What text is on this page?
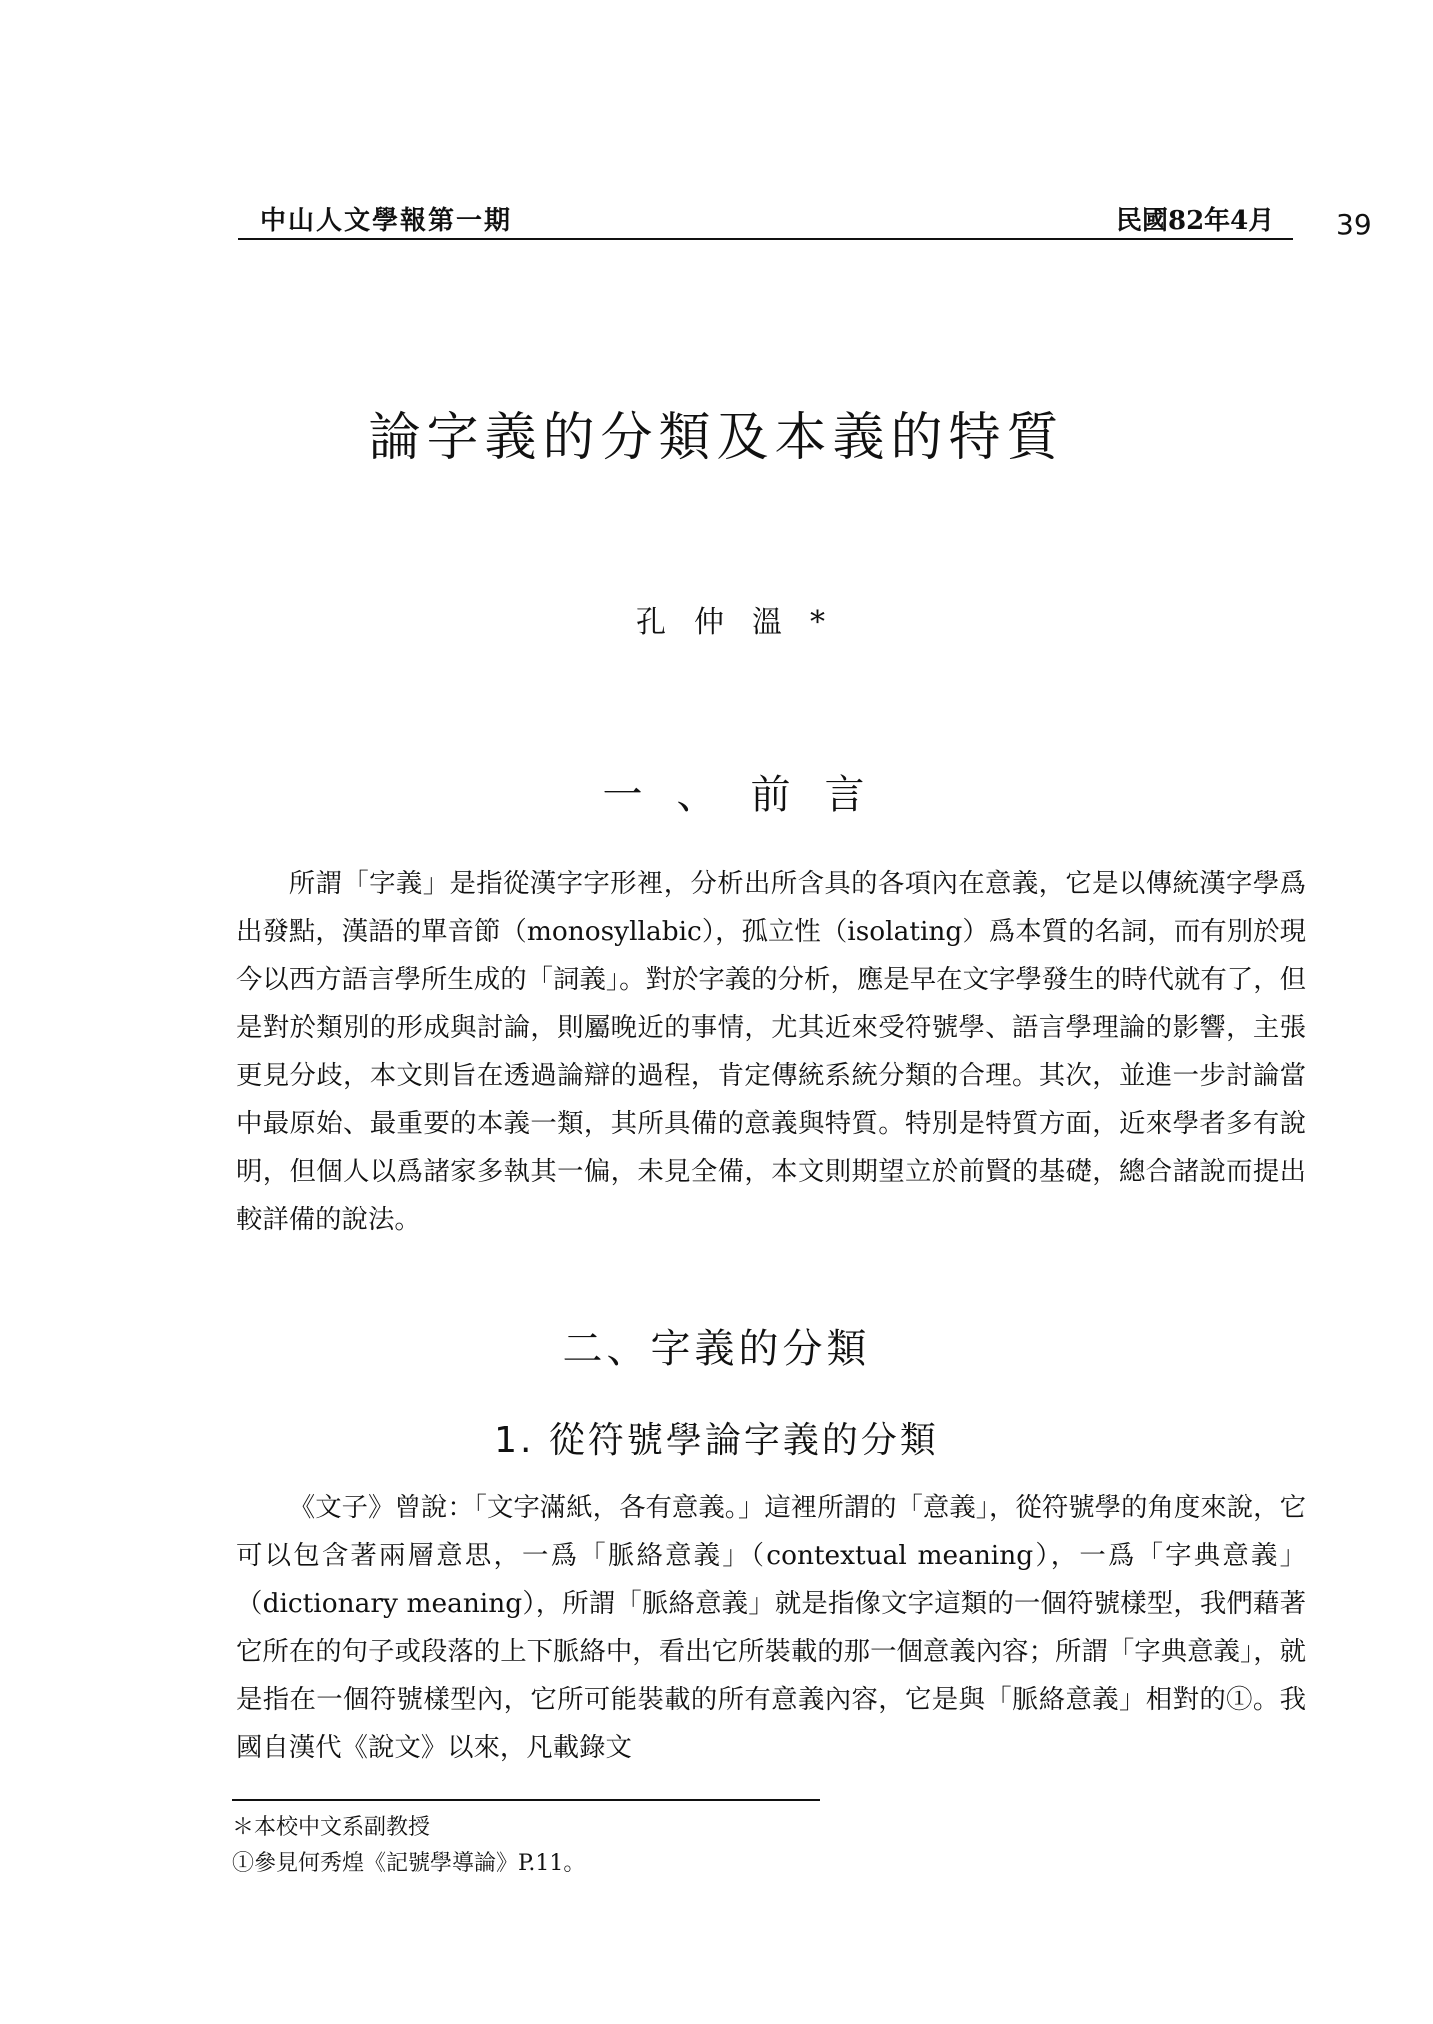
中山人文學報第一期	民國82年4月 39
論字義的分類及本義的特質
孔仲溫*
一、前言

所謂「字義」是指從漢字字形裡，分析出所含具的各項內在意義，它是以傳統漢字學爲出發點，漢語的單音節（monosyllabic），孤立性（isolating）爲本質的名詞，而有別於現今以西方語言學所生成的「詞義」。對於字義的分析，應是早在文字學發生的時代就有了，但是對於類別的形成與討論，則屬晚近的事情，尤其近來受符號學、語言學理論的影響，主張更見分歧，本文則旨在透過論辯的過程，肯定傳統系統分類的合理。其次，並進一步討論當中最原始、最重要的本義一類，其所具備的意義與特質。特別是特質方面，近來學者多有說明，但個人以爲諸家多執其一偏，未見全備，本文則期望立於前賢的基礎，總合諸說而提出較詳備的說法。

二、字義的分類
1. 從符號學論字義的分類

《文子》曾說：「文字滿紙，各有意義。」這裡所謂的「意義」，從符號學的角度來說，它可以包含著兩層意思，一爲「脈絡意義」（contextual meaning），一爲「字典意義」（dictionary meaning），所謂「脈絡意義」就是指像文字這類的一個符號樣型，我們藉著它所在的句子或段落的上下脈絡中，看出它所裝載的那一個意義內容；所謂「字典意義」，就是指在一個符號樣型內，它所可能裝載的所有意義內容，它是與「脈絡意義」相對的①。我國自漢代《說文》以來，凡載錄文

＊本校中文系副教授
①參見何秀煌《記號學導論》P.11。
